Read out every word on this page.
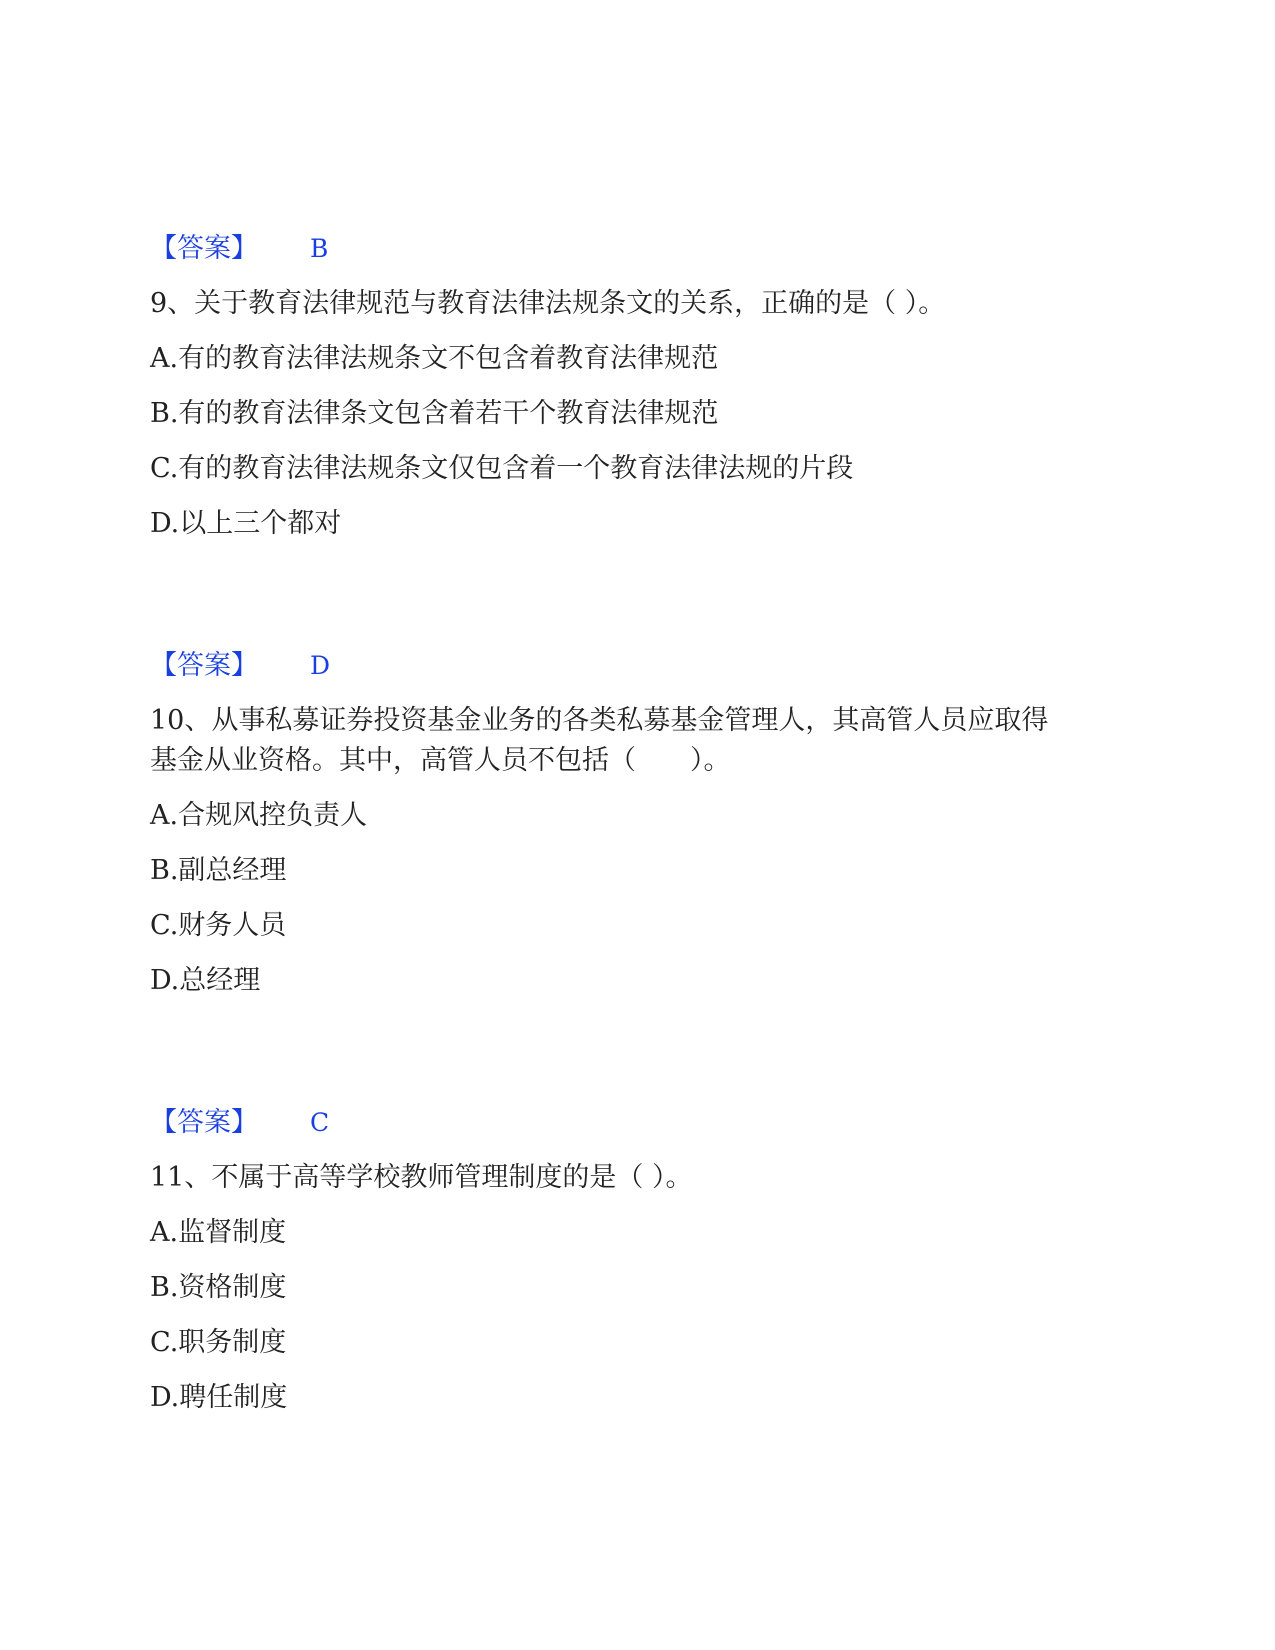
【答案】 B
9、关于教育法律规范与教育法律法规条文的关系，正确的是（ ）。
A.有的教育法律法规条文不包含着教育法律规范
B.有的教育法律条文包含着若干个教育法律规范
C.有的教育法律法规条文仅包含着一个教育法律法规的片段
D.以上三个都对
【答案】 D
10、从事私募证券投资基金业务的各类私募基金管理人，其高管人员应取得
基金从业资格。其中，高管人员不包括（　　）。
A.合规风控负责人
B.副总经理
C.财务人员
D.总经理
【答案】 C
11、不属于高等学校教师管理制度的是（ ）。
A.监督制度
B.资格制度
C.职务制度
D.聘任制度
